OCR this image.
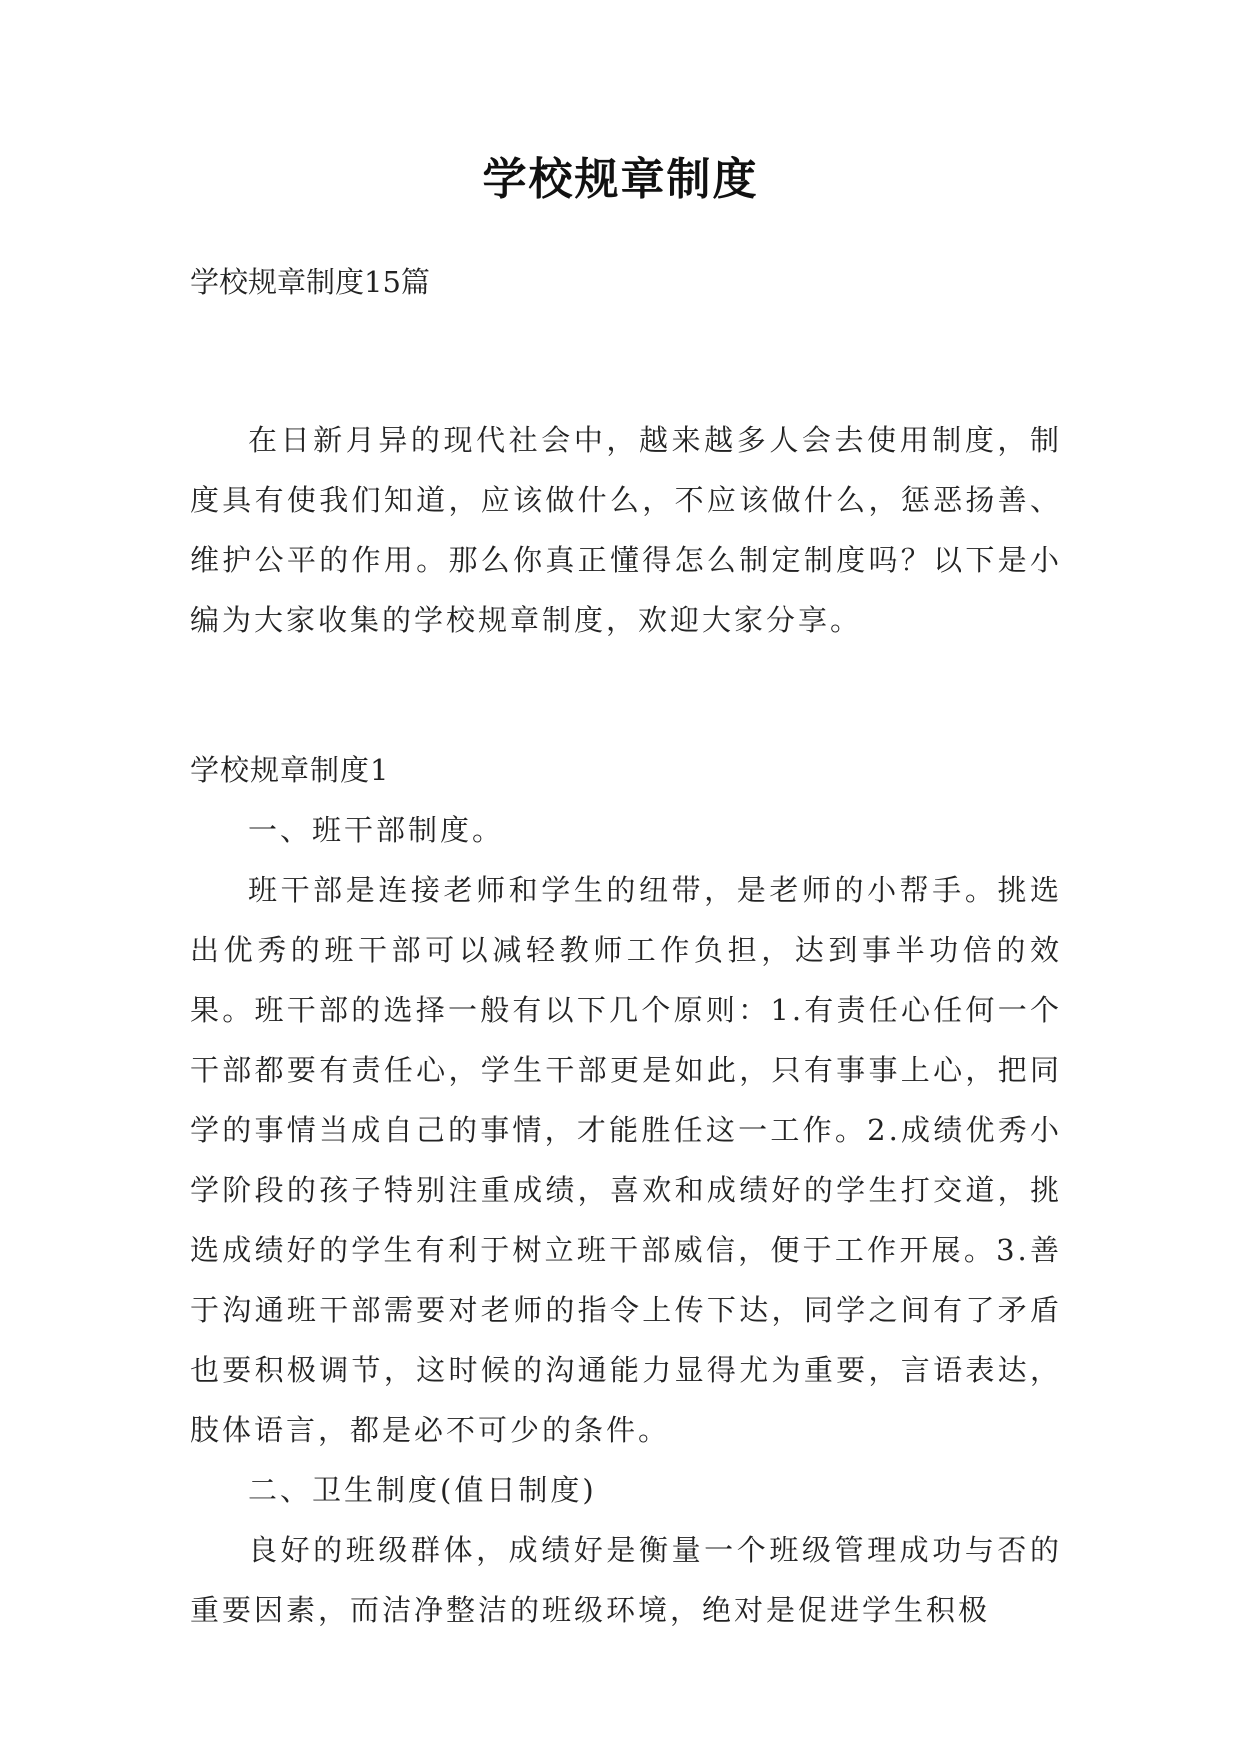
学校规章制度

学校规章制度15篇

在日新月异的现代社会中，越来越多人会去使用制度，制度具有使我们知道，应该做什么，不应该做什么，惩恶扬善、维护公平的作用。那么你真正懂得怎么制定制度吗？以下是小编为大家收集的学校规章制度，欢迎大家分享。

学校规章制度1

一、班干部制度。

班干部是连接老师和学生的纽带，是老师的小帮手。挑选出优秀的班干部可以减轻教师工作负担，达到事半功倍的效果。班干部的选择一般有以下几个原则：1.有责任心任何一个干部都要有责任心，学生干部更是如此，只有事事上心，把同学的事情当成自己的事情，才能胜任这一工作。2.成绩优秀小学阶段的孩子特别注重成绩，喜欢和成绩好的学生打交道，挑选成绩好的学生有利于树立班干部威信，便于工作开展。3.善于沟通班干部需要对老师的指令上传下达，同学之间有了矛盾也要积极调节，这时候的沟通能力显得尤为重要，言语表达，肢体语言，都是必不可少的条件。

二、卫生制度(值日制度)

良好的班级群体，成绩好是衡量一个班级管理成功与否的重要因素，而洁净整洁的班级环境，绝对是促进学生积极
